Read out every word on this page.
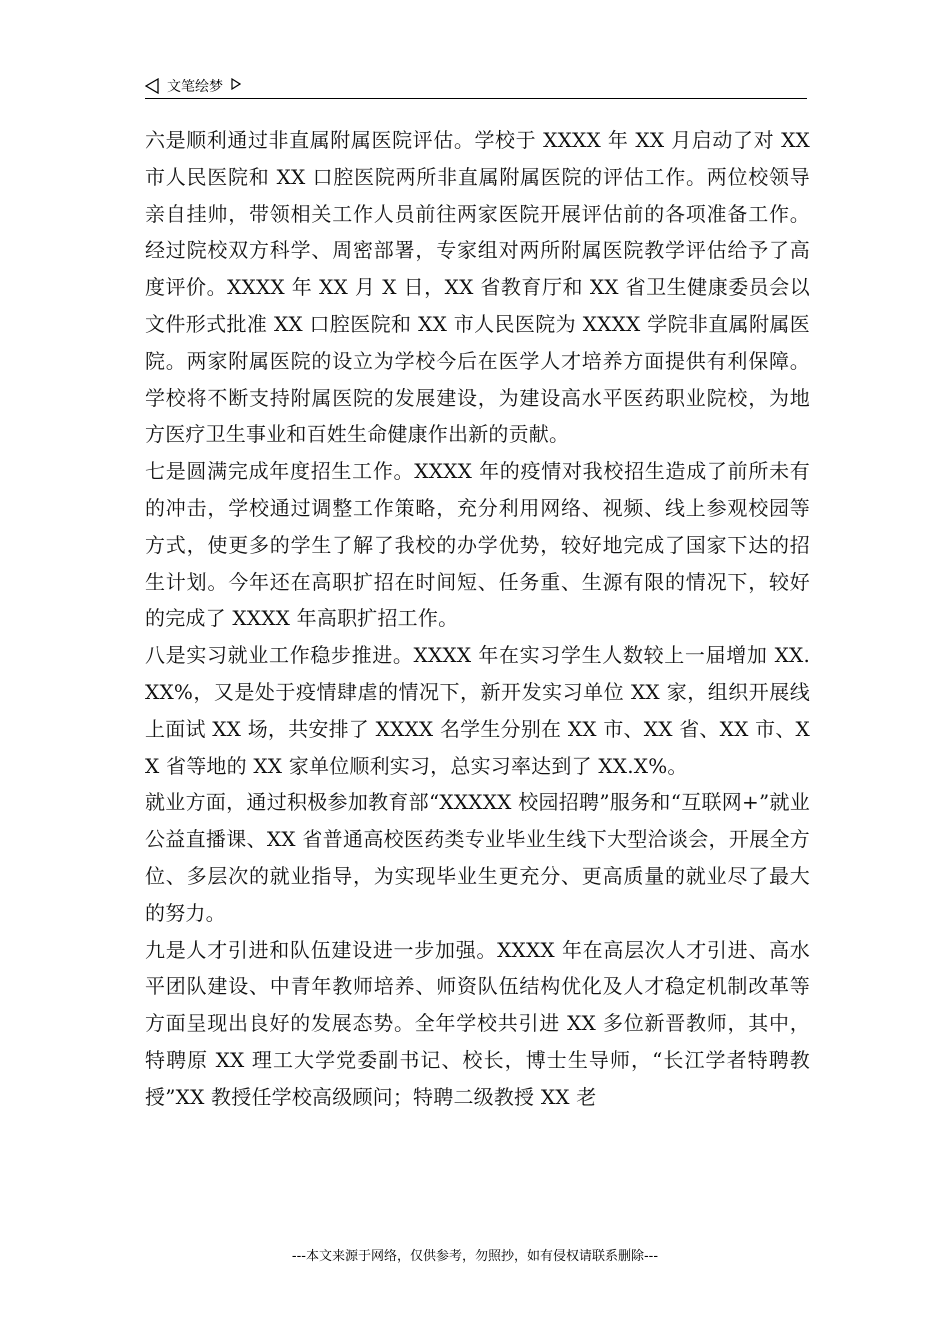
文笔绘梦

六是顺利通过非直属附属医院评估。学校于 XXXX 年 XX 月启动了对 XX 市人民医院和 XX 口腔医院两所非直属附属医院的评估工作。两位校领导亲自挂帅，带领相关工作人员前往两家医院开展评估前的各项准备工作。经过院校双方科学、周密部署，专家组对两所附属医院教学评估给予了高度评价。XXXX 年 XX 月 X 日，XX 省教育厅和 XX 省卫生健康委员会以文件形式批准 XX 口腔医院和 XX 市人民医院为 XXXX 学院非直属附属医院。两家附属医院的设立为学校今后在医学人才培养方面提供有利保障。学校将不断支持附属医院的发展建设，为建设高水平医药职业院校，为地方医疗卫生事业和百姓生命健康作出新的贡献。

七是圆满完成年度招生工作。XXXX 年的疫情对我校招生造成了前所未有的冲击，学校通过调整工作策略，充分利用网络、视频、线上参观校园等方式，使更多的学生了解了我校的办学优势，较好地完成了国家下达的招生计划。今年还在高职扩招在时间短、任务重、生源有限的情况下，较好的完成了 XXXX 年高职扩招工作。

八是实习就业工作稳步推进。XXXX 年在实习学生人数较上一届增加 XX.XX%，又是处于疫情肆虐的情况下，新开发实习单位 XX 家，组织开展线上面试 XX 场，共安排了 XXXX 名学生分别在 XX 市、XX 省、XX 市、XX 省等地的 XX 家单位顺利实习，总实习率达到了 XX.X%。

就业方面，通过积极参加教育部“XXXXX 校园招聘”服务和“互联网+”就业公益直播课、XX 省普通高校医药类专业毕业生线下大型洽谈会，开展全方位、多层次的就业指导，为实现毕业生更充分、更高质量的就业尽了最大的努力。

九是人才引进和队伍建设进一步加强。XXXX 年在高层次人才引进、高水平团队建设、中青年教师培养、师资队伍结构优化及人才稳定机制改革等方面呈现出良好的发展态势。全年学校共引进 XX 多位新晋教师，其中，特聘原 XX 理工大学党委副书记、校长，博士生导师，“长江学者特聘教授”XX 教授任学校高级顾问；特聘二级教授 XX 老

---本文来源于网络，仅供参考，勿照抄，如有侵权请联系删除---
